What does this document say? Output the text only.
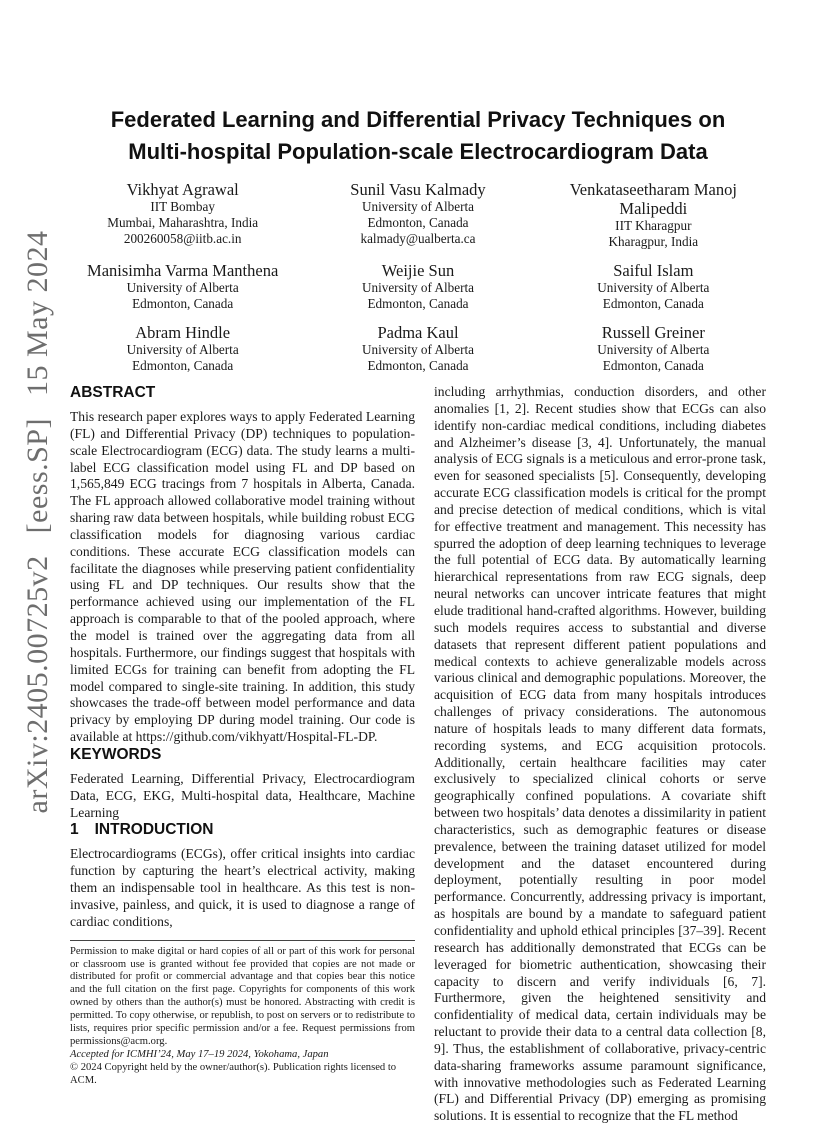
arXiv:2405.00725v2[eess.SP]15 May 2024
Federated Learning and Differential Privacy Techniques on
Multi-hospital Population-scale Electrocardiogram Data
Vikhyat Agrawal
IIT Bombay
Mumbai, Maharashtra, India
200260058@iitb.ac.in
Sunil Vasu Kalmady
University of Alberta
Edmonton, Canada
kalmady@ualberta.ca
Venkataseetharam Manoj Malipeddi
IIT Kharagpur
Kharagpur, India
Manisimha Varma Manthena
University of Alberta
Edmonton, Canada
Weijie Sun
University of Alberta
Edmonton, Canada
Saiful Islam
University of Alberta
Edmonton, Canada
Abram Hindle
University of Alberta
Edmonton, Canada
Padma Kaul
University of Alberta
Edmonton, Canada
Russell Greiner
University of Alberta
Edmonton, Canada
ABSTRACT

This research paper explores ways to apply Federated Learning (FL) and Differential Privacy (DP) techniques to population-scale Electrocardiogram (ECG) data. The study learns a multi-label ECG classification model using FL and DP based on 1,565,849 ECG tracings from 7 hospitals in Alberta, Canada. The FL approach allowed collaborative model training without sharing raw data between hospitals, while building robust ECG classification models for diagnosing various cardiac conditions. These accurate ECG classification models can facilitate the diagnoses while preserving patient confidentiality using FL and DP techniques. Our results show that the performance achieved using our implementation of the FL approach is comparable to that of the pooled approach, where the model is trained over the aggregating data from all hospitals. Furthermore, our findings suggest that hospitals with limited ECGs for training can benefit from adopting the FL model compared to single-site training. In addition, this study showcases the trade-off between model performance and data privacy by employing DP during model training. Our code is available at https://github.com/vikhyatt/Hospital-FL-DP.

KEYWORDS

Federated Learning, Differential Privacy, Electrocardiogram Data, ECG, EKG, Multi-hospital data, Healthcare, Machine Learning

1 INTRODUCTION

Electrocardiograms (ECGs), offer critical insights into cardiac function by capturing the heart’s electrical activity, making them an indispensable tool in healthcare. As this test is non-invasive, painless, and quick, it is used to diagnose a range of cardiac conditions,

Permission to make digital or hard copies of all or part of this work for personal or classroom use is granted without fee provided that copies are not made or distributed for profit or commercial advantage and that copies bear this notice and the full citation on the first page. Copyrights for components of this work owned by others than the author(s) must be honored. Abstracting with credit is permitted. To copy otherwise, or republish, to post on servers or to redistribute to lists, requires prior specific permission and/or a fee. Request permissions from permissions@acm.org.

Accepted for ICMHI’24, May 17–19 2024, Yokohama, Japan

© 2024 Copyright held by the owner/author(s). Publication rights licensed to ACM.

including arrhythmias, conduction disorders, and other anomalies [1, 2]. Recent studies show that ECGs can also identify non-cardiac medical conditions, including diabetes and Alzheimer’s disease [3, 4]. Unfortunately, the manual analysis of ECG signals is a meticulous and error-prone task, even for seasoned specialists [5]. Consequently, developing accurate ECG classification models is critical for the prompt and precise detection of medical conditions, which is vital for effective treatment and management. This necessity has spurred the adoption of deep learning techniques to leverage the full potential of ECG data. By automatically learning hierarchical representations from raw ECG signals, deep neural networks can uncover intricate features that might elude traditional hand-crafted algorithms. However, building such models requires access to substantial and diverse datasets that represent different patient populations and medical contexts to achieve generalizable models across various clinical and demographic populations. Moreover, the acquisition of ECG data from many hospitals introduces challenges of privacy considerations. The autonomous nature of hospitals leads to many different data formats, recording systems, and ECG acquisition protocols. Additionally, certain healthcare facilities may cater exclusively to specialized clinical cohorts or serve geographically confined populations. A covariate shift between two hospitals’ data denotes a dissimilarity in patient characteristics, such as demographic features or disease prevalence, between the training dataset utilized for model development and the dataset encountered during deployment, potentially resulting in poor model performance. Concurrently, addressing privacy is important, as hospitals are bound by a mandate to safeguard patient confidentiality and uphold ethical principles [37–39]. Recent research has additionally demonstrated that ECGs can be leveraged for biometric authentication, showcasing their capacity to discern and verify individuals [6, 7]. Furthermore, given the heightened sensitivity and confidentiality of medical data, certain individuals may be reluctant to provide their data to a central data collection [8, 9]. Thus, the establishment of collaborative, privacy-centric data-sharing frameworks assume paramount significance, with innovative methodologies such as Federated Learning (FL) and Differential Privacy (DP) emerging as promising solutions. It is essential to recognize that the FL method
